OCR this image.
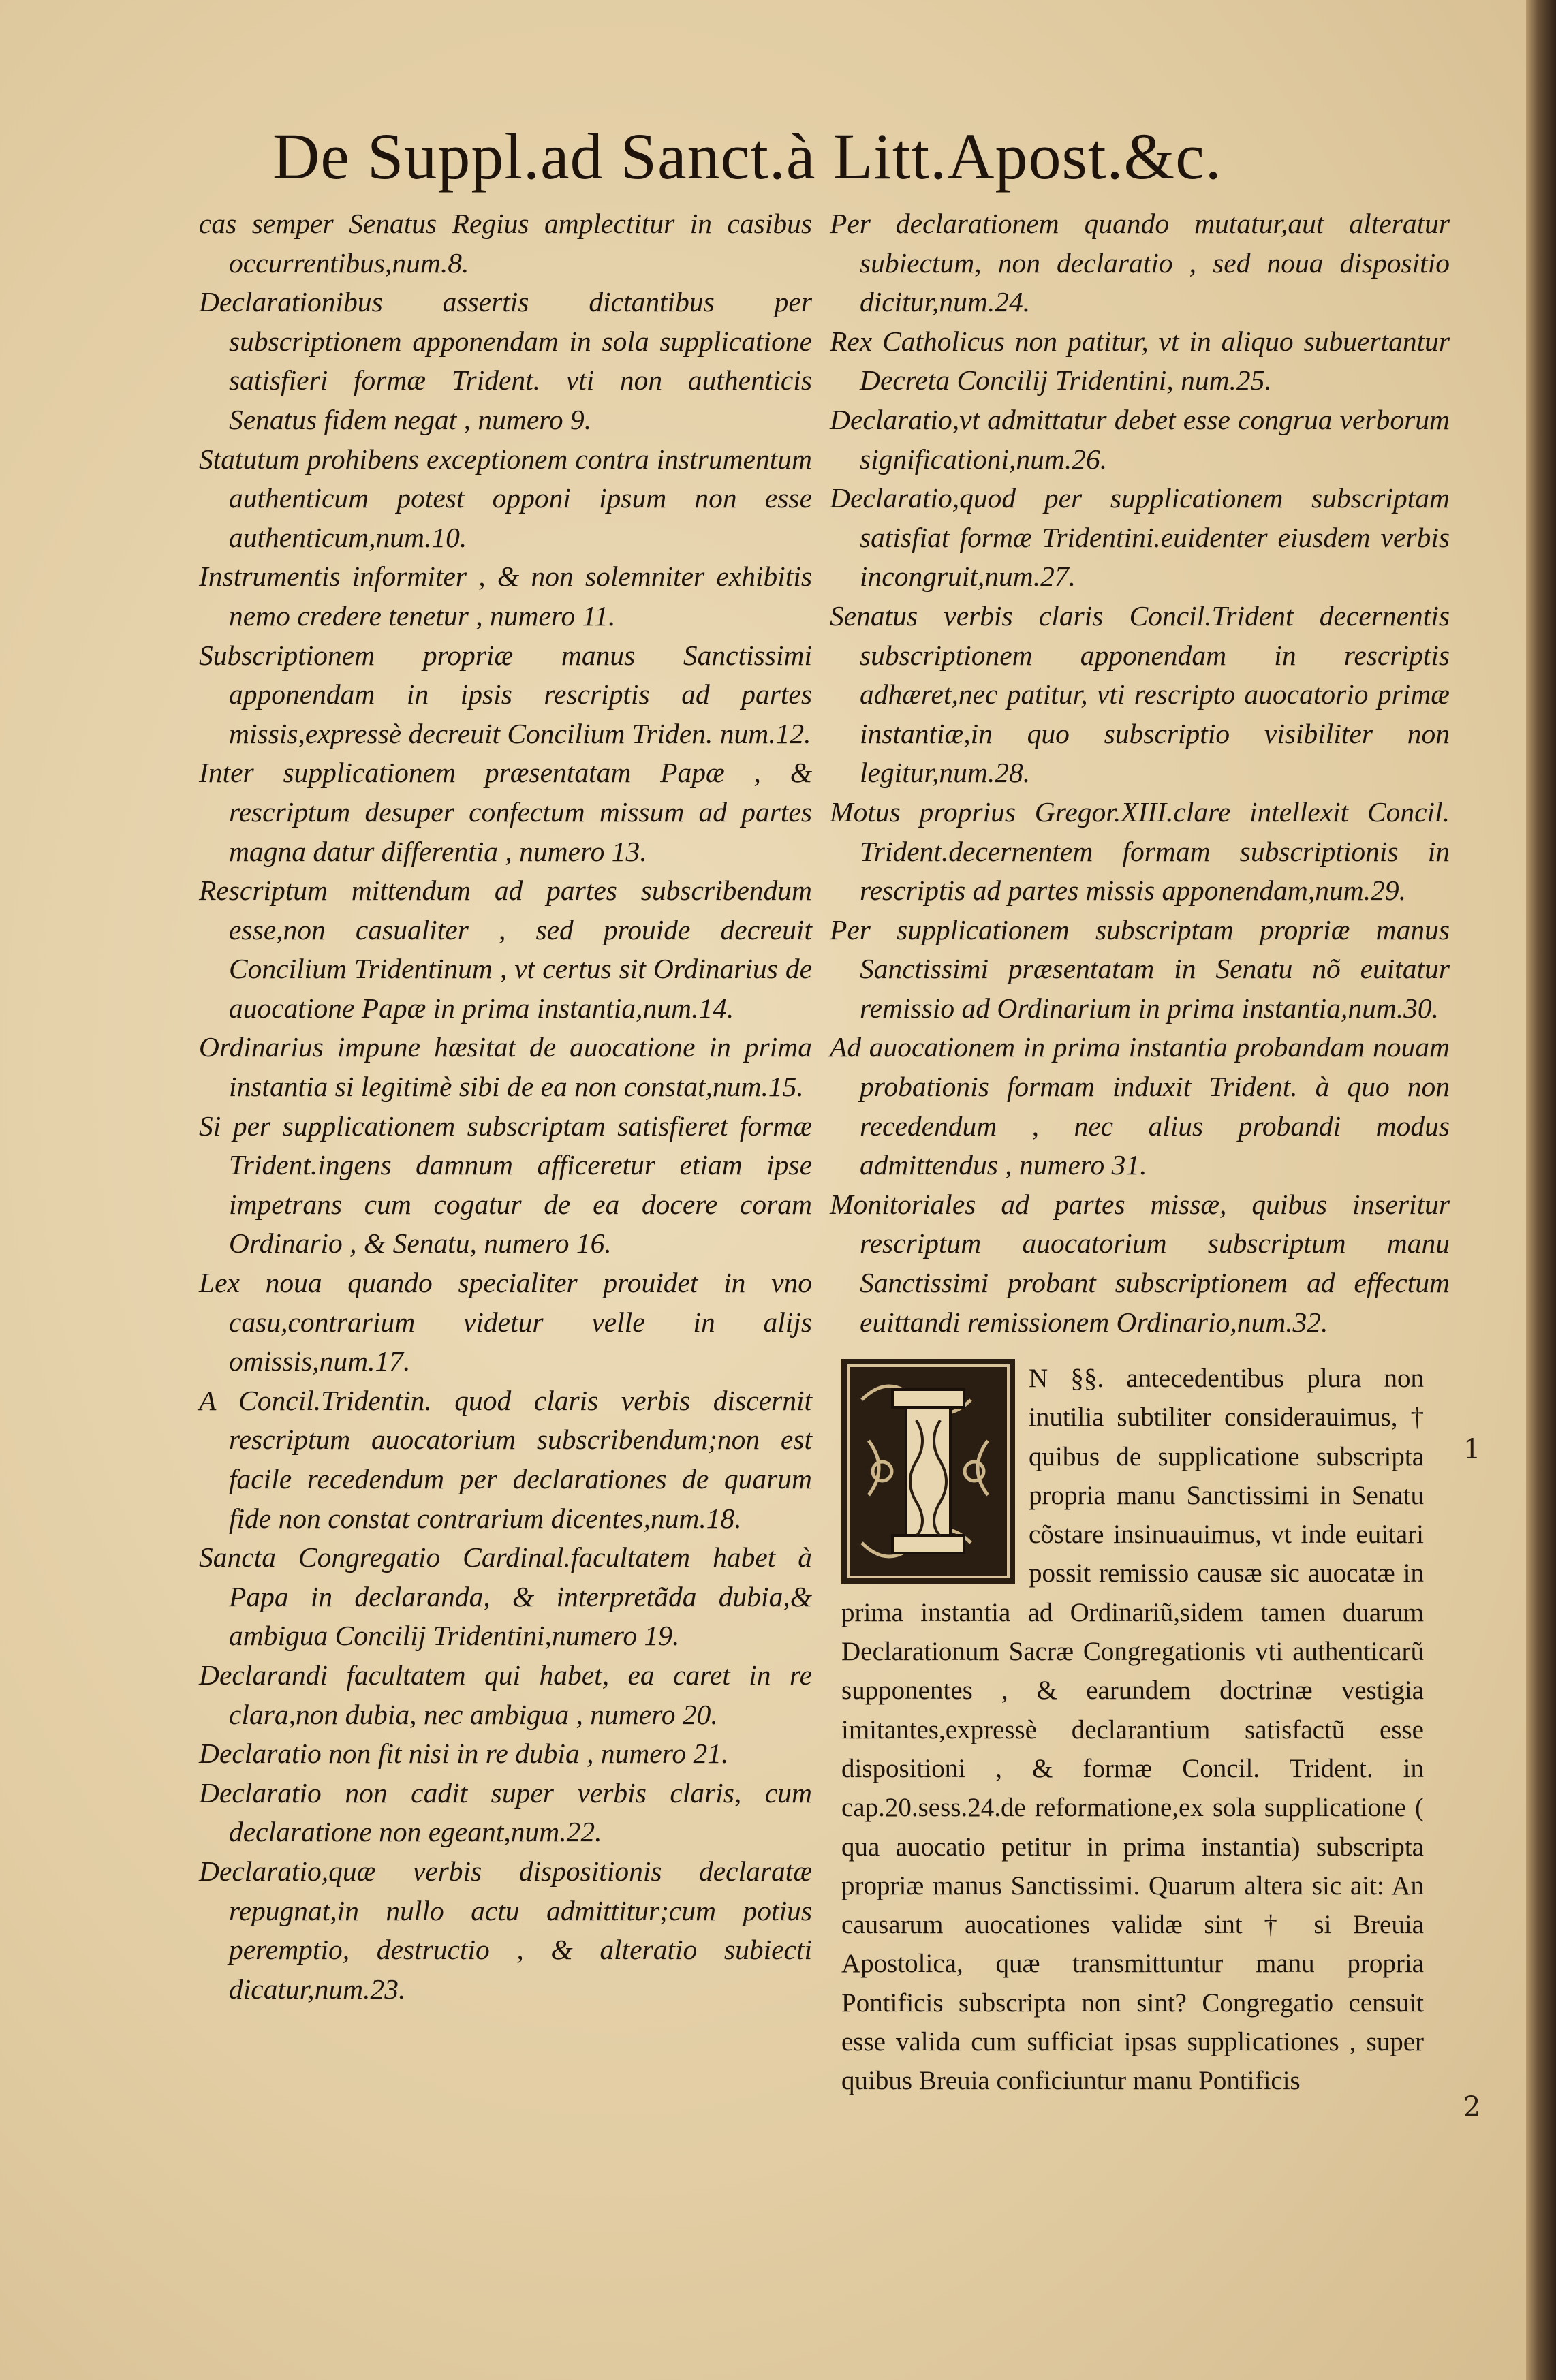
De Suppl.ad Sanct.à Litt.Apost.&c.
cas semper Senatus Regius amplectitur in casibus occurrentibus,num.8.
Declarationibus assertis dictantibus per subscriptionem apponendam in sola supplicatione satisfieri formæ Trident. vti non authenticis Senatus fidem negat , numero 9.
Statutum prohibens exceptionem contra instrumentum authenticum potest opponi ipsum non esse authenticum,num.10.
Instrumentis informiter , & non solemniter exhibitis nemo credere tenetur , numero 11.
Subscriptionem propriæ manus Sanctissimi apponendam in ipsis rescriptis ad partes missis,expressè decreuit Concilium Triden. num.12.
Inter supplicationem præsentatam Papæ , & rescriptum desuper confectum missum ad partes magna datur differentia , numero 13.
Rescriptum mittendum ad partes subscribendum esse,non casualiter , sed prouide decreuit Concilium Tridentinum , vt certus sit Ordinarius de auocatione Papæ in prima instantia,num.14.
Ordinarius impune hæsitat de auocatione in prima instantia si legitimè sibi de ea non constat,num.15.
Si per supplicationem subscriptam satisfieret formæ Trident.ingens damnum afficeretur etiam ipse impetrans cum cogatur de ea docere coram Ordinario , & Senatu, numero 16.
Lex noua quando specialiter prouidet in vno casu,contrarium videtur velle in alijs omissis,num.17.
A Concil.Tridentin. quod claris verbis discernit rescriptum auocatorium subscribendum;non est facile recedendum per declarationes de quarum fide non constat contrarium dicentes,num.18.
Sancta Congregatio Cardinal.facultatem habet à Papa in declaranda, & interpretãda dubia,& ambigua Concilij Tridentini,numero 19.
Declarandi facultatem qui habet, ea caret in re clara,non dubia, nec ambigua , numero 20.
Declaratio non fit nisi in re dubia , numero 21.
Declaratio non cadit super verbis claris, cum declaratione non egeant,num.22.
Declaratio,quæ verbis dispositionis declaratæ repugnat,in nullo actu admittitur;cum potius peremptio, destructio , & alteratio subiecti dicatur,num.23.
Per declarationem quando mutatur,aut alteratur subiectum, non declaratio , sed noua dispositio dicitur,num.24.
Rex Catholicus non patitur, vt in aliquo subuertantur Decreta Concilij Tridentini, num.25.
Declaratio,vt admittatur debet esse congrua verborum significationi,num.26.
Declaratio,quod per supplicationem subscriptam satisfiat formæ Tridentini.euidenter eiusdem verbis incongruit,num.27.
Senatus verbis claris Concil.Trident decernentis subscriptionem apponendam in rescriptis adhæret,nec patitur, vti rescripto auocatorio primæ instantiæ,in quo subscriptio visibiliter non legitur,num.28.
Motus proprius Gregor.XIII.clare intellexit Concil. Trident.decernentem formam subscriptionis in rescriptis ad partes missis apponendam,num.29.
Per supplicationem subscriptam propriæ manus Sanctissimi præsentatam in Senatu nõ euitatur remissio ad Ordinarium in prima instantia,num.30.
Ad auocationem in prima instantia probandam nouam probationis formam induxit Trident. à quo non recedendum , nec alius probandi modus admittendus , numero 31.
Monitoriales ad partes missæ, quibus inseritur rescriptum auocatorium subscriptum manu Sanctissimi probant subscriptionem ad effectum euittandi remissionem Ordinario,num.32.
N §§. antecedentibus plura non inutilia subtiliter considerauimus, † quibus de supplicatione subscripta propria manu Sanctissimi in Senatu cõstare insinuauimus, vt inde euitari possit remissio causæ sic auocatæ in prima instantia ad Ordinariũ,sidem tamen duarum Declarationum Sacræ Congregationis vti authenticarũ supponentes , & earundem doctrinæ vestigia imitantes,expressè declarantium satisfactũ esse dispositioni , & formæ Concil. Trident. in cap.20.sess.24.de reformatione,ex sola supplicatione ( qua auocatio petitur in prima instantia) subscripta propriæ manus Sanctissimi. Quarum altera sic ait: An causarum auocationes validæ sint † si Breuia Apostolica, quæ transmittuntur manu propria Pontificis subscripta non sint? Congregatio censuit esse valida cum sufficiat ipsas supplicationes , super quibus Breuia conficiuntur manu Pontificis
1
2
